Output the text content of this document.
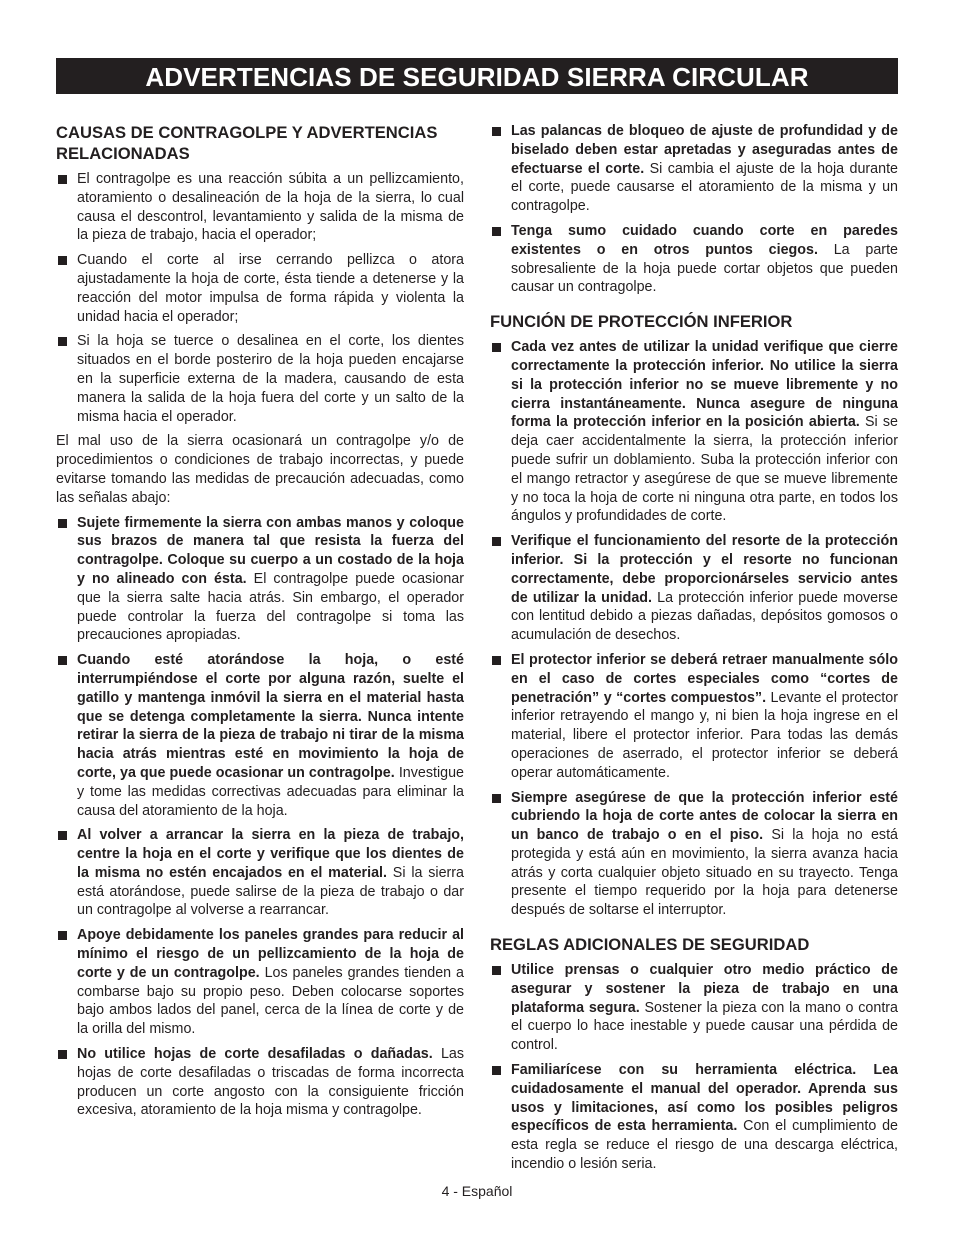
ADVERTENCIAS DE SEGURIDAD SIERRA CIRCULAR
CAUSAS DE CONTRAGOLPE Y ADVERTENCIAS RELACIONADAS
El contragolpe es una reacción súbita a un pellizcamiento, atoramiento o desalineación de la hoja de la sierra, lo cual causa el descontrol, levantamiento y salida de la misma de la pieza de trabajo, hacia el operador;
Cuando el corte al irse cerrando pellizca o atora ajustadamente la hoja de corte, ésta tiende a detenerse y la reacción del motor impulsa de forma rápida y violenta la unidad hacia el operador;
Si la hoja se tuerce o desalinea en el corte, los dientes situados en el borde posteriro de la hoja pueden encajarse en la superficie externa de la madera, causando de esta manera la salida de la hoja fuera del corte y un salto de la misma hacia el operador.

El mal uso de la sierra ocasionará un contragolpe y/o de procedimientos o condiciones de trabajo incorrectas, y puede evitarse tomando las medidas de precaución adecuadas, como las señalas abajo:

Sujete firmemente la sierra con ambas manos y coloque sus brazos de manera tal que resista la fuerza del contragolpe. Coloque su cuerpo a un costado de la hoja y no alineado con ésta. El contragolpe puede ocasionar que la sierra salte hacia atrás. Sin embargo, el operador puede controlar la fuerza del contragolpe si toma las precauciones apropiadas.
Cuando esté atorándose la hoja, o esté interrumpiéndose el corte por alguna razón, suelte el gatillo y mantenga inmóvil la sierra en el material hasta que se detenga completamente la sierra. Nunca intente retirar la sierra de la pieza de trabajo ni tirar de la misma hacia atrás mientras esté en movimiento la hoja de corte, ya que puede ocasionar un contragolpe. Investigue y tome las medidas correctivas adecuadas para eliminar la causa del atoramiento de la hoja.
Al volver a arrancar la sierra en la pieza de trabajo, centre la hoja en el corte y verifique que los dientes de la misma no estén encajados en el material. Si la sierra está atorándose, puede salirse de la pieza de trabajo o dar un contragolpe al volverse a rearrancar.
Apoye debidamente los paneles grandes para reducir al mínimo el riesgo de un pellizcamiento de la hoja de corte y de un contragolpe. Los paneles grandes tienden a combarse bajo su propio peso. Deben colocarse soportes bajo ambos lados del panel, cerca de la línea de corte y de la orilla del mismo.
No utilice hojas de corte desafiladas o dañadas. Las hojas de corte desafiladas o triscadas de forma incorrecta producen un corte angosto con la consiguiente fricción excesiva, atoramiento de la hoja misma y contragolpe.
Las palancas de bloqueo de ajuste de profundidad y de biselado deben estar apretadas y aseguradas antes de efectuarse el corte. Si cambia el ajuste de la hoja durante el corte, puede causarse el atoramiento de la misma y un contragolpe.
Tenga sumo cuidado cuando corte en paredes existentes o en otros puntos ciegos. La parte sobresaliente de la hoja puede cortar objetos que pueden causar un contragolpe.
FUNCIÓN DE PROTECCIÓN INFERIOR
Cada vez antes de utilizar la unidad verifique que cierre correctamente la protección inferior. No utilice la sierra si la protección inferior no se mueve libremente y no cierra instantáneamente. Nunca asegure de ninguna forma la protección inferior en la posición abierta. Si se deja caer accidentalmente la sierra, la protección inferior puede sufrir un doblamiento. Suba la protección inferior con el mango retractor y asegúrese de que se mueve libremente y no toca la hoja de corte ni ninguna otra parte, en todos los ángulos y profundidades de corte.
Verifique el funcionamiento del resorte de la protección inferior. Si la protección y el resorte no funcionan correctamente, debe proporcionárseles servicio antes de utilizar la unidad. La protección inferior puede moverse con lentitud debido a piezas dañadas, depósitos gomosos o acumulación de desechos.
El protector inferior se deberá retraer manualmente sólo en el caso de cortes especiales como “cortes de penetración” y “cortes compuestos”. Levante el protector inferior retrayendo el mango y, ni bien la hoja ingrese en el material, libere el protector inferior. Para todas las demás operaciones de aserrado, el protector inferior se deberá operar automáticamente.
Siempre asegúrese de que la protección inferior esté cubriendo la hoja de corte antes de colocar la sierra en un banco de trabajo o en el piso. Si la hoja no está protegida y está aún en movimiento, la sierra avanza hacia atrás y corta cualquier objeto situado en su trayecto. Tenga presente el tiempo requerido por la hoja para detenerse después de soltarse el interruptor.
REGLAS ADICIONALES DE SEGURIDAD
Utilice prensas o cualquier otro medio práctico de asegurar y sostener la pieza de trabajo en una plataforma segura. Sostener la pieza con la mano o contra el cuerpo lo hace inestable y puede causar una pérdida de control.
Familiarícese con su herramienta eléctrica. Lea cuidadosamente el manual del operador. Aprenda sus usos y limitaciones, así como los posibles peligros específicos de esta herramienta. Con el cumplimiento de esta regla se reduce el riesgo de una descarga eléctrica, incendio o lesión seria.
4 - Español
